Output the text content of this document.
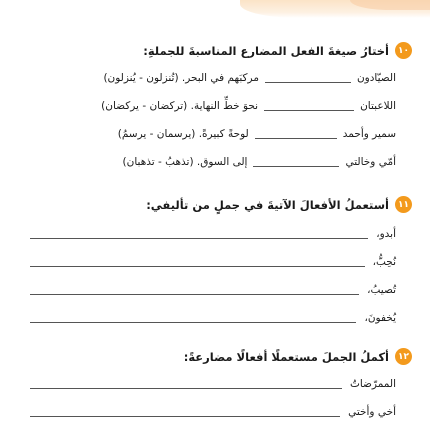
١٠
أختارُ صيغةَ الفعل المضارع المناسبةَ للجملةِ:
الصيّادون
مركبَهم في البحر. (تُنزلون - يُنزلون)
اللاعبتان
نحوَ خطِّ النهاية. (تركضان - يركضان)
سمير وأحمد
لوحةً كبيرةً. (يرسمان - يرسمُ)
أمّي وخالتي
إلى السوق. (تذهبُ - تذهبان)
١١
أستعملُ الأفعالَ الآتيةَ في جملٍ من تأليفي:
أبدو،
نُحِبُّ،
تُصيبُ،
يُخفونَ،
١٢
أكملُ الجملَ مستعملًا أفعالًا مضارعةً:
الممرّضاتُ
أخي وأختي
